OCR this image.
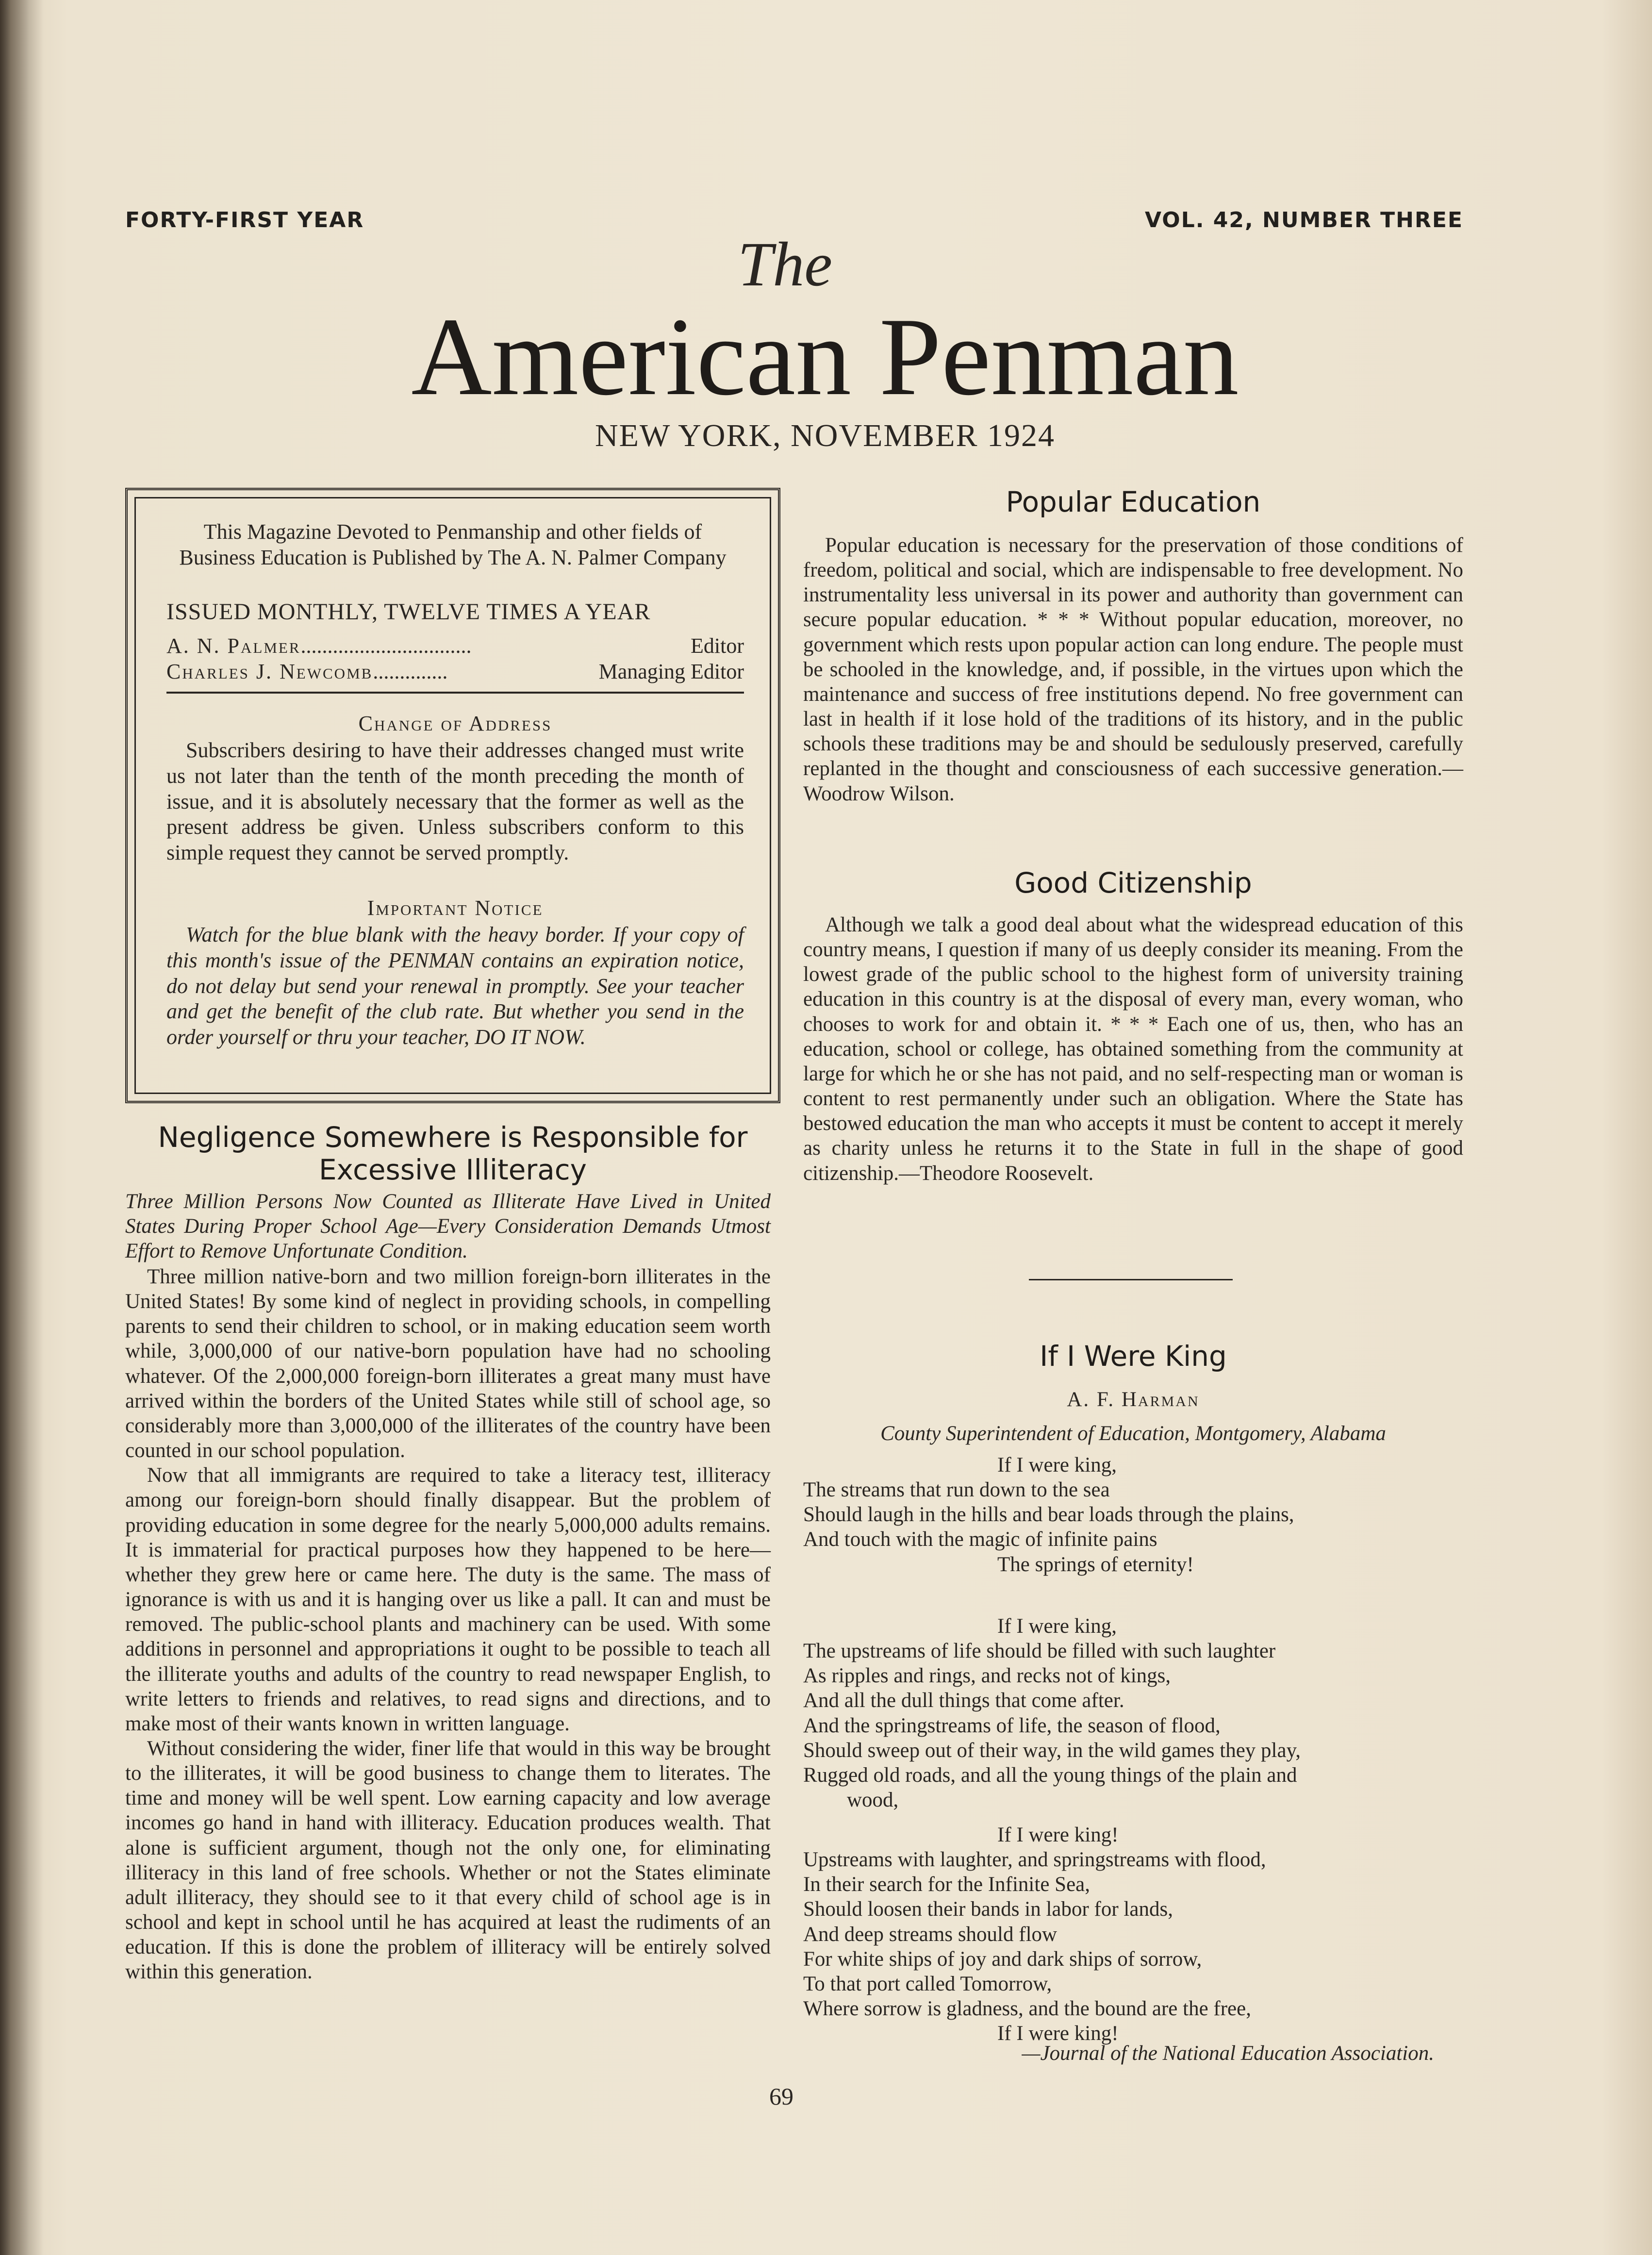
FORTY-FIRST YEAR	VOL. 42, NUMBER THREE
The
American Penman
NEW YORK, NOVEMBER 1924
This Magazine Devoted to Penmanship and other fields of Business Education is Published by The A. N. Palmer Company
ISSUED MONTHLY, TWELVE TIMES A YEAR
A. N. Palmer ................................	Editor
Charles J. Newcomb ..............	Managing Editor
Change of Address
Subscribers desiring to have their addresses changed must write us not later than the tenth of the month preceding the month of issue, and it is absolutely necessary that the former as well as the present address be given. Unless subscribers conform to this simple request they cannot be served promptly.
Important Notice
Watch for the blue blank with the heavy border. If your copy of this month's issue of the PENMAN contains an expiration notice, do not delay but send your renewal in promptly. See your teacher and get the benefit of the club rate. But whether you send in the order yourself or thru your teacher, DO IT NOW.
Negligence Somewhere is Responsible for Excessive Illiteracy
Three Million Persons Now Counted as Illiterate Have Lived in United States During Proper School Age—Every Consideration Demands Utmost Effort to Remove Unfortunate Condition.

Three million native-born and two million foreign-born illiterates in the United States! By some kind of neglect in providing schools, in compelling parents to send their children to school, or in making education seem worth while, 3,000,000 of our native-born population have had no schooling whatever. Of the 2,000,000 foreign-born illiterates a great many must have arrived within the borders of the United States while still of school age, so considerably more than 3,000,000 of the illiterates of the country have been counted in our school population.

Now that all immigrants are required to take a literacy test, illiteracy among our foreign-born should finally disappear. But the problem of providing education in some degree for the nearly 5,000,000 adults remains. It is immaterial for practical purposes how they happened to be here—whether they grew here or came here. The duty is the same. The mass of ignorance is with us and it is hanging over us like a pall. It can and must be removed. The public-school plants and machinery can be used. With some additions in personnel and appropriations it ought to be possible to teach all the illiterate youths and adults of the country to read newspaper English, to write letters to friends and relatives, to read signs and directions, and to make most of their wants known in written language.

Without considering the wider, finer life that would in this way be brought to the illiterates, it will be good business to change them to literates. The time and money will be well spent. Low earning capacity and low average incomes go hand in hand with illiteracy. Education produces wealth. That alone is sufficient argument, though not the only one, for eliminating illiteracy in this land of free schools. Whether or not the States eliminate adult illiteracy, they should see to it that every child of school age is in school and kept in school until he has acquired at least the rudiments of an education. If this is done the problem of illiteracy will be entirely solved within this generation.

Popular Education
Popular education is necessary for the preservation of those conditions of freedom, political and social, which are indispensable to free development. No instrumentality less universal in its power and authority than government can secure popular education. * * * Without popular education, moreover, no government which rests upon popular action can long endure. The people must be schooled in the knowledge, and, if possible, in the virtues upon which the maintenance and success of free institutions depend. No free government can last in health if it lose hold of the traditions of its history, and in the public schools these traditions may be and should be sedulously preserved, carefully replanted in the thought and consciousness of each successive generation.—Woodrow Wilson.
Good Citizenship
Although we talk a good deal about what the widespread education of this country means, I question if many of us deeply consider its meaning. From the lowest grade of the public school to the highest form of university training education in this country is at the disposal of every man, every woman, who chooses to work for and obtain it. * * * Each one of us, then, who has an education, school or college, has obtained something from the community at large for which he or she has not paid, and no self-respecting man or woman is content to rest permanently under such an obligation. Where the State has bestowed education the man who accepts it must be content to accept it merely as charity unless he returns it to the State in full in the shape of good citizenship.—Theodore Roosevelt.
If I Were King
A. F. Harman
County Superintendent of Education, Montgomery, Alabama
If I were king,
The streams that run down to the sea
Should laugh in the hills and bear loads through the plains,
And touch with the magic of infinite pains
The springs of eternity!
If I were king,
The upstreams of life should be filled with such laughter
As ripples and rings, and recks not of kings,
And all the dull things that come after.
And the springstreams of life, the season of flood,
Should sweep out of their way, in the wild games they play,
Rugged old roads, and all the young things of the plain and
wood,
If I were king!
Upstreams with laughter, and springstreams with flood,
In their search for the Infinite Sea,
Should loosen their bands in labor for lands,
And deep streams should flow
For white ships of joy and dark ships of sorrow,
To that port called Tomorrow,
Where sorrow is gladness, and the bound are the free,
If I were king!
—Journal of the National Education Association.
69
